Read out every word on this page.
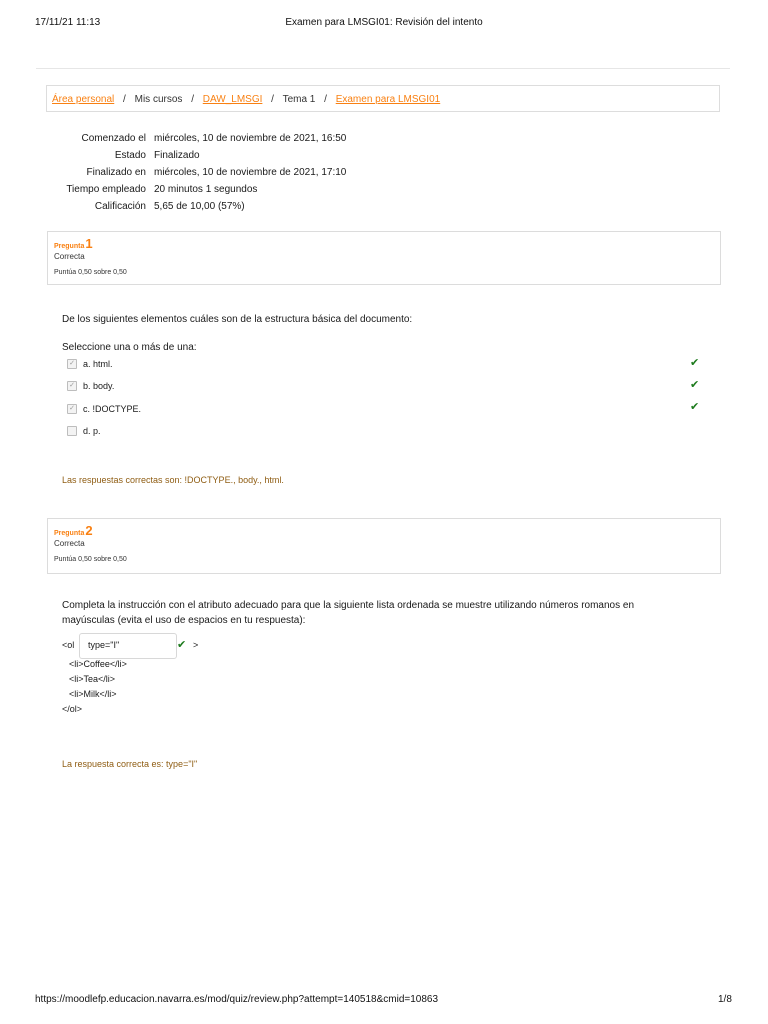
17/11/21 11:13	Examen para LMSGI01: Revisión del intento
Área personal / Mis cursos / DAW_LMSGI / Tema 1 / Examen para LMSGI01
Comenzado el	miércoles, 10 de noviembre de 2021, 16:50
Estado	Finalizado
Finalizado en	miércoles, 10 de noviembre de 2021, 17:10
Tiempo empleado	20 minutos 1 segundos
Calificación	5,65 de 10,00 (57%)
Pregunta1
Correcta
Puntúa 0,50 sobre 0,50
De los siguientes elementos cuáles son de la estructura básica del documento:
Seleccione una o más de una:
✓ a. html.	✔
✓ b. body.	✔
✓ c. !DOCTYPE.	✔
d. p.
Las respuestas correctas son: !DOCTYPE., body., html.
Pregunta2
Correcta
Puntúa 0,50 sobre 0,50
Completa la instrucción con el atributo adecuado para que la siguiente lista ordenada se muestre utilizando números romanos en
mayúsculas (evita el uso de espacios en tu respuesta):
<ol	type="I"	✔ >
<li>Coffee</li>
<li>Tea</li>
<li>Milk</li>
</ol>
La respuesta correcta es: type="I"
https://moodlefp.educacion.navarra.es/mod/quiz/review.php?attempt=140518&cmid=10863	1/8
